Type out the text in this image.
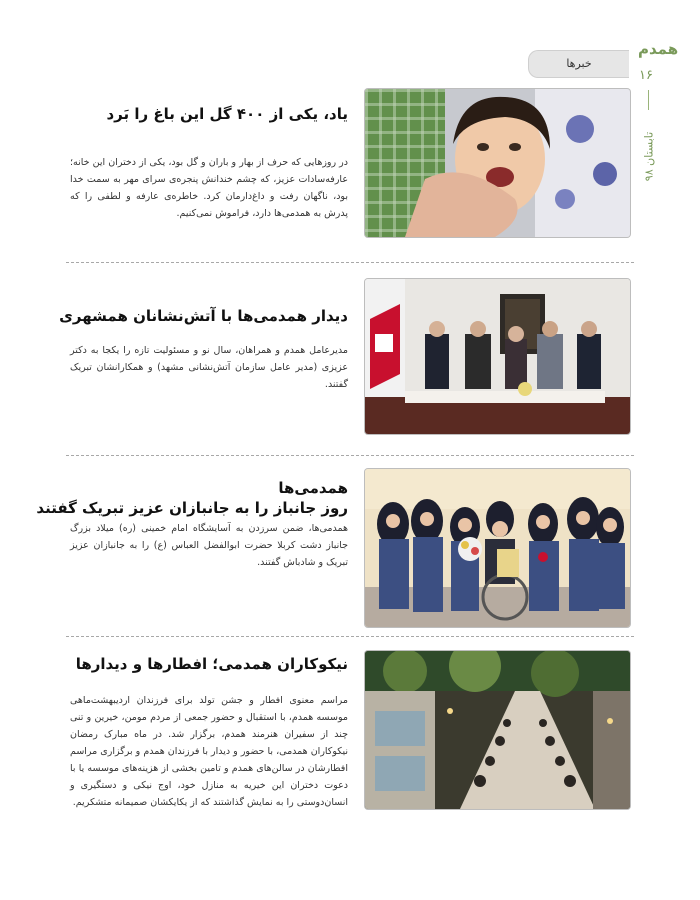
خبرها
همدم
۱۶
تابستان ۹۸
یاد، یکی از ۴۰۰ گل این باغ را بَرد

در روزهایی که حرف از بهار و باران و گل بود، یکی از دختران این خانه؛ عارفه‌سادات عزیز، که چشم خندانش پنجره‌ی سرای مهر به سمت خدا بود، ناگهان رفت و داغ‌دارمان کرد. خاطره‌ی عارفه و لطفی را که پدرش به همدمی‌ها دارد، فراموش نمی‌کنیم.

دیدار همدمی‌ها با آتش‌نشانان همشهری

مدیرعامل همدم و همراهان، سال نو و مسئولیت تازه را یکجا به دکتر عزیزی (مدیر عامل سازمان آتش‌نشانی مشهد) و همکارانشان تبریک گفتند.

همدمی‌ها
روز جانباز را به جانبازان عزیز تبریک گفتند

همدمی‌ها، ضمن سرزدن به آسایشگاه امام خمینی (ره) میلاد بزرگ جانباز دشت کربلا حضرت ابوالفضل العباس (ع) را به جانبازان عزیز تبریک و شادباش گفتند.

نیکوکاران همدمی؛ افطارها و دیدارها

مراسم معنوی افطار و جشن تولد برای فرزندان اردیبهشت‌ماهی موسسه همدم، با استقبال و حضور جمعی از مردم مومن، خیرین و تنی چند از سفیران هنرمند همدم، برگزار شد. در ماه مبارک رمضان نیکوکاران همدمی، با حضور و دیدار با فرزندان همدم و برگزاری مراسم افطارشان در سالن‌های همدم و تامین بخشی از هزینه‌های موسسه یا با دعوت دختران این خیریه به منازل خود، اوج نیکی و دستگیری و انسان‌دوستی را به نمایش گذاشتند که از یکایکشان صمیمانه متشکریم.
